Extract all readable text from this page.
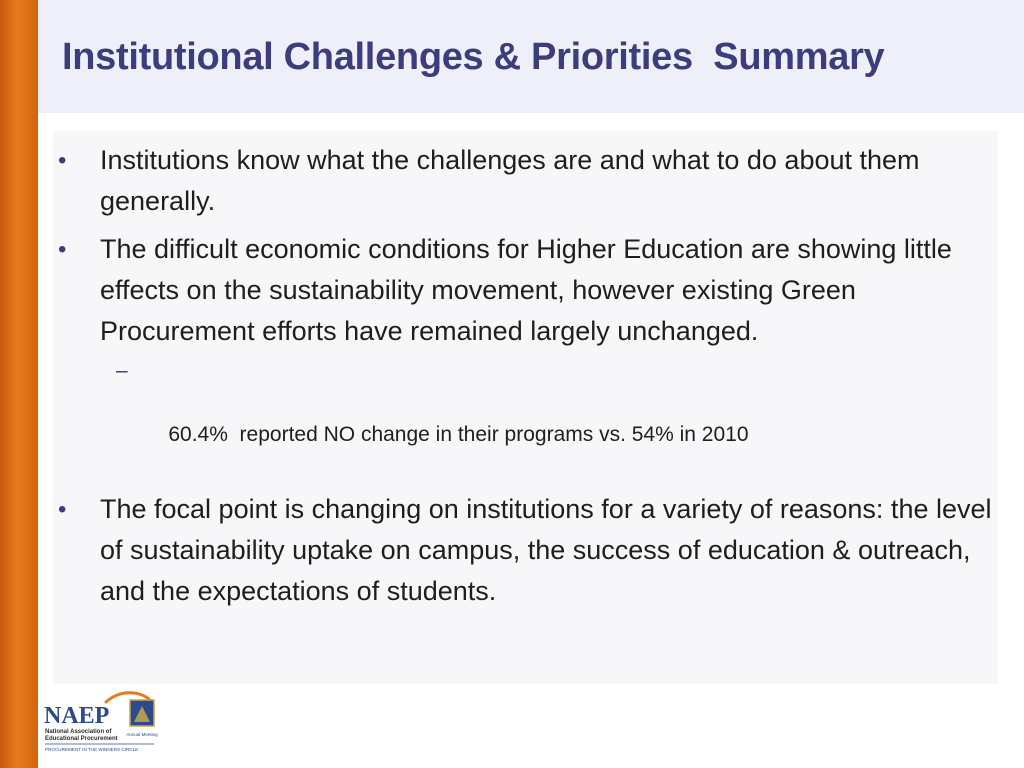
Institutional Challenges & Priorities  Summary
• Institutions know what the challenges are and what to do about them generally.
• The difficult economic conditions for Higher Education are showing little effects on the sustainability movement, however existing Green Procurement efforts have remained largely unchanged.

–

60.4%  reported NO change in their programs vs. 54% in 2010

• The focal point is changing on institutions for a variety of reasons: the level of sustainability uptake on campus, the success of education & outreach, and the expectations of students.
Annual Meeting
NAEP
National Association of
Educational Procurement
PROCUREMENT IN THE WINNERS CIRCLE
